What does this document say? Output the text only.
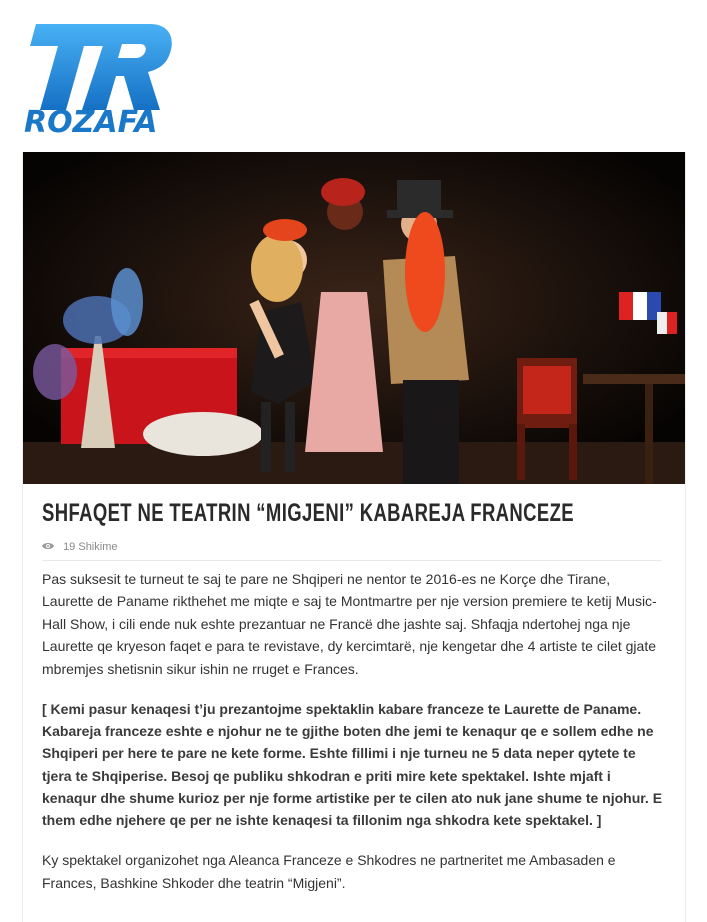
ROZAFA
SHFAQET NE TEATRIN “MIGJENI” KABAREJA FRANCEZE
19 Shikime

Pas suksesit te turneut te saj te pare ne Shqiperi ne nentor te 2016-es ne Korçe dhe Tirane, Laurette de Paname rikthehet me miqte e saj te Montmartre per nje version premiere te ketij Music-Hall Show, i cili ende nuk eshte prezantuar ne Francë dhe jashte saj. Shfaqja ndertohej nga nje Laurette qe kryeson faqet e para te revistave, dy kercimtarë, nje kengetar dhe 4 artiste te cilet gjate mbremjes shetisnin sikur ishin ne rruget e Frances.

[ Kemi pasur kenaqesi t’ju prezantojme spektaklin kabare franceze te Laurette de Paname. Kabareja franceze eshte e njohur ne te gjithe boten dhe jemi te kenaqur qe e sollem edhe ne Shqiperi per here te pare ne kete forme. Eshte fillimi i nje turneu ne 5 data neper qytete te tjera te Shqiperise. Besoj qe publiku shkodran e priti mire kete spektakel. Ishte mjaft i kenaqur dhe shume kurioz per nje forme artistike per te cilen ato nuk jane shume te njohur. E them edhe njehere qe per ne ishte kenaqesi ta fillonim nga shkodra kete spektakel. ]

Ky spektakel organizohet nga Aleanca Franceze e Shkodres ne partneritet me Ambasaden e Frances, Bashkine Shkoder dhe teatrin “Migjeni”.
